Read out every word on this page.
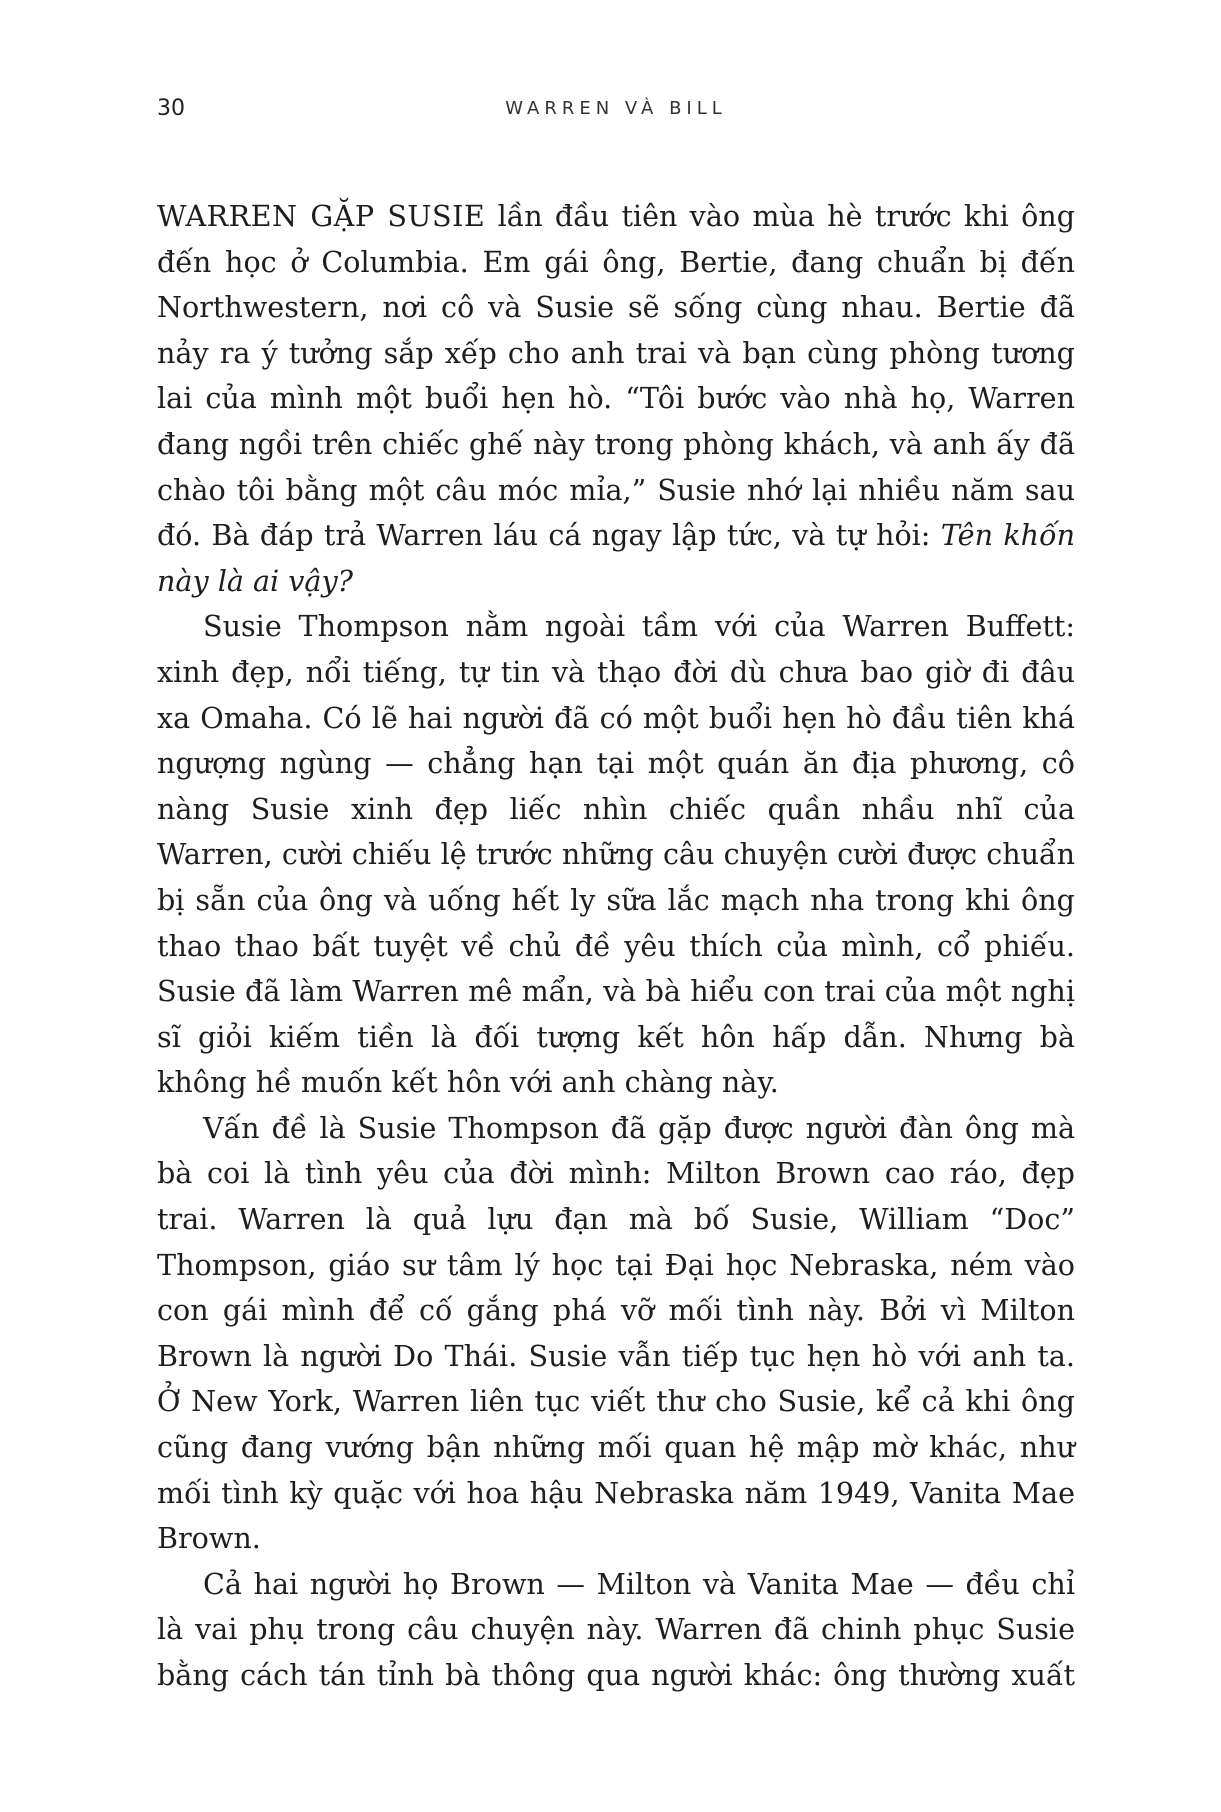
30	WARREN VÀ BILL

WARREN GẶP SUSIE lần đầu tiên vào mùa hè trước khi ông đến học ở Columbia. Em gái ông, Bertie, đang chuẩn bị đến Northwestern, nơi cô và Susie sẽ sống cùng nhau. Bertie đã nảy ra ý tưởng sắp xếp cho anh trai và bạn cùng phòng tương lai của mình một buổi hẹn hò. “Tôi bước vào nhà họ, Warren đang ngồi trên chiếc ghế này trong phòng khách, và anh ấy đã chào tôi bằng một câu móc mỉa,” Susie nhớ lại nhiều năm sau đó. Bà đáp trả Warren láu cá ngay lập tức, và tự hỏi: Tên khốn này là ai vậy?

Susie Thompson nằm ngoài tầm với của Warren Buffett: xinh đẹp, nổi tiếng, tự tin và thạo đời dù chưa bao giờ đi đâu xa Omaha. Có lẽ hai người đã có một buổi hẹn hò đầu tiên khá ngượng ngùng — chẳng hạn tại một quán ăn địa phương, cô nàng Susie xinh đẹp liếc nhìn chiếc quần nhầu nhĩ của Warren, cười chiếu lệ trước những câu chuyện cười được chuẩn bị sẵn của ông và uống hết ly sữa lắc mạch nha trong khi ông thao thao bất tuyệt về chủ đề yêu thích của mình, cổ phiếu. Susie đã làm Warren mê mẩn, và bà hiểu con trai của một nghị sĩ giỏi kiếm tiền là đối tượng kết hôn hấp dẫn. Nhưng bà không hề muốn kết hôn với anh chàng này.

Vấn đề là Susie Thompson đã gặp được người đàn ông mà bà coi là tình yêu của đời mình: Milton Brown cao ráo, đẹp trai. Warren là quả lựu đạn mà bố Susie, William “Doc” Thompson, giáo sư tâm lý học tại Đại học Nebraska, ném vào con gái mình để cố gắng phá vỡ mối tình này. Bởi vì Milton Brown là người Do Thái. Susie vẫn tiếp tục hẹn hò với anh ta. Ở New York, Warren liên tục viết thư cho Susie, kể cả khi ông cũng đang vướng bận những mối quan hệ mập mờ khác, như mối tình kỳ quặc với hoa hậu Nebraska năm 1949, Vanita Mae Brown.

Cả hai người họ Brown — Milton và Vanita Mae — đều chỉ là vai phụ trong câu chuyện này. Warren đã chinh phục Susie bằng cách tán tỉnh bà thông qua người khác: ông thường xuất
